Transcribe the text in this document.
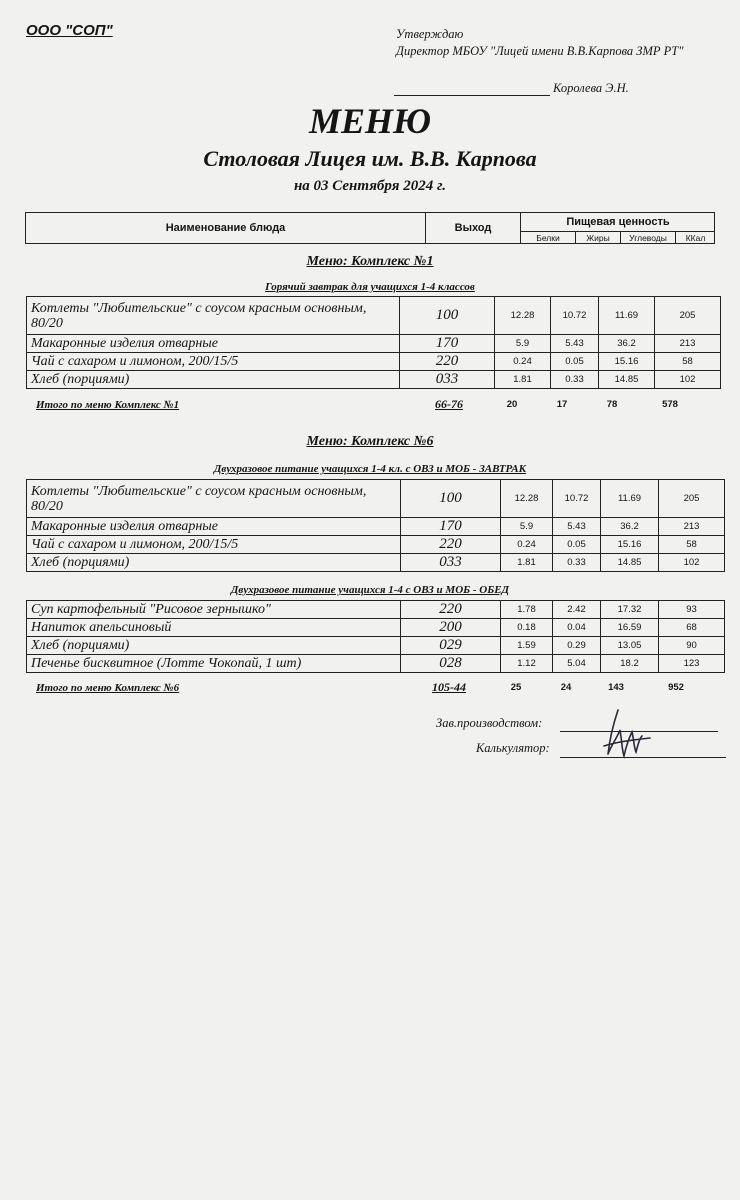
ООО "СОП"	Утверждаю
Директор МБОУ "Лицей имени В.В.Карпова ЗМР РТ"
Королева Э.Н.
МЕНЮ
Столовая Лицея им. В.В. Карпова
на 03 Сентября 2024 г.
Наименование блюда	Выход	Пищевая ценность
Белки	Жиры	Углеводы	ККал
Меню: Комплекс №1
Горячий завтрак для учащихся 1-4 классов
Котлеты "Любительские" с соусом красным основным, 80/20	100	12.28	10.72	11.69	205
Макаронные изделия отварные	170	5.9	5.43	36.2	213
Чай с сахаром и лимоном, 200/15/5	220	0.24	0.05	15.16	58
Хлеб (порциями)	033	1.81	0.33	14.85	102
Итого по меню Комплекс №1	66-76	20	17	78	578
Меню: Комплекс №6
Двухразовое питание учащихся 1-4 кл. с ОВЗ и МОБ - ЗАВТРАК
Котлеты "Любительские" с соусом красным основным, 80/20	100	12.28	10.72	11.69	205
Макаронные изделия отварные	170	5.9	5.43	36.2	213
Чай с сахаром и лимоном, 200/15/5	220	0.24	0.05	15.16	58
Хлеб (порциями)	033	1.81	0.33	14.85	102
Двухразовое питание учащихся 1-4 с ОВЗ и МОБ - ОБЕД
Суп картофельный "Рисовое зернышко"	220	1.78	2.42	17.32	93
Напиток апельсиновый	200	0.18	0.04	16.59	68
Хлеб (порциями)	029	1.59	0.29	13.05	90
Печенье бисквитное (Лотте Чокопай, 1 шт)	028	1.12	5.04	18.2	123
Итого по меню Комплекс №6	105-44	25	24	143	952
Зав.производством:
Калькулятор:
